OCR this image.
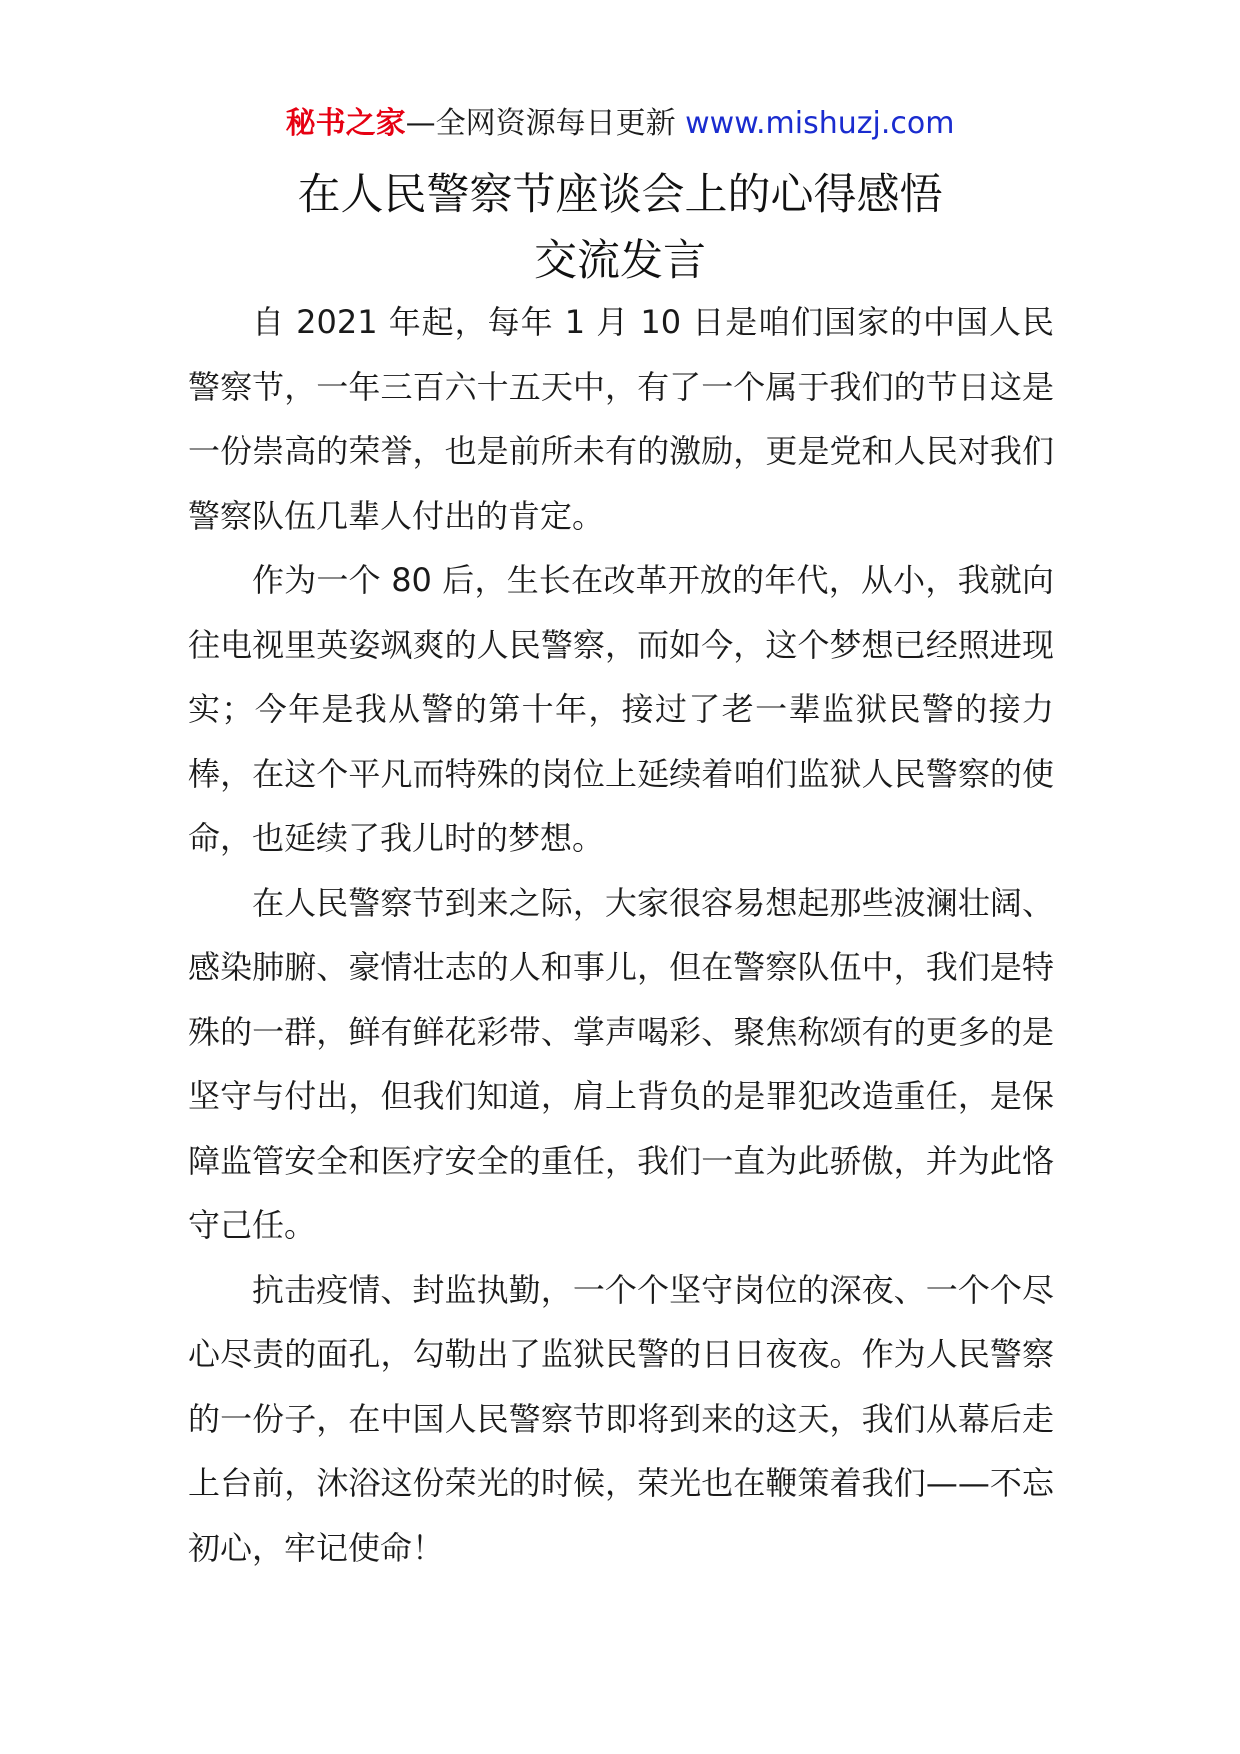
秘书之家—全网资源每日更新 www.mishuzj.com
在人民警察节座谈会上的心得感悟
交流发言

自 2021 年起，每年 1 月 10 日是咱们国家的中国人民警察节，一年三百六十五天中，有了一个属于我们的节日这是一份崇高的荣誉，也是前所未有的激励，更是党和人民对我们警察队伍几辈人付出的肯定。

作为一个 80 后，生长在改革开放的年代，从小，我就向往电视里英姿飒爽的人民警察，而如今，这个梦想已经照进现实；今年是我从警的第十年，接过了老一辈监狱民警的接力棒，在这个平凡而特殊的岗位上延续着咱们监狱人民警察的使命，也延续了我儿时的梦想。

在人民警察节到来之际，大家很容易想起那些波澜壮阔、感染肺腑、豪情壮志的人和事儿，但在警察队伍中，我们是特殊的一群，鲜有鲜花彩带、掌声喝彩、聚焦称颂有的更多的是坚守与付出，但我们知道，肩上背负的是罪犯改造重任，是保障监管安全和医疗安全的重任，我们一直为此骄傲，并为此恪守己任。

抗击疫情、封监执勤，一个个坚守岗位的深夜、一个个尽心尽责的面孔，勾勒出了监狱民警的日日夜夜。作为人民警察的一份子，在中国人民警察节即将到来的这天，我们从幕后走上台前，沐浴这份荣光的时候，荣光也在鞭策着我们——不忘初心，牢记使命！
